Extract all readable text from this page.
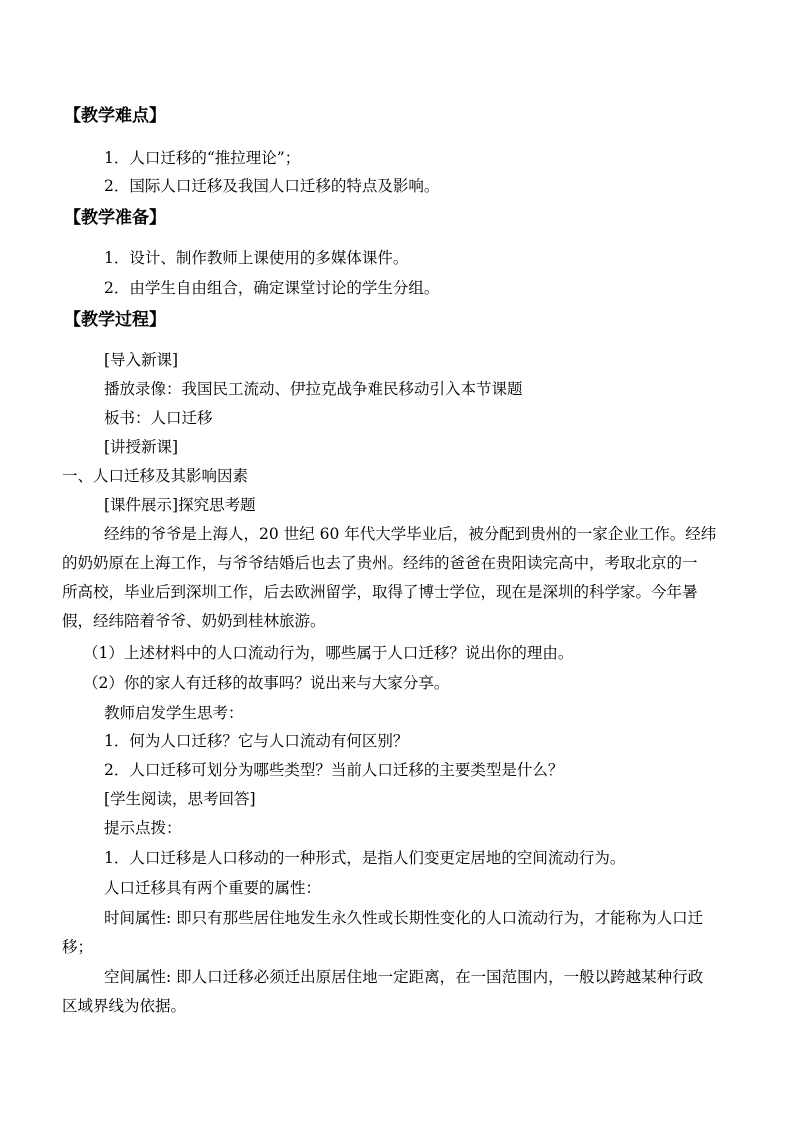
【教学难点】
1．人口迁移的“推拉理论”；
2．国际人口迁移及我国人口迁移的特点及影响。
【教学准备】
1．设计、制作教师上课使用的多媒体课件。
2．由学生自由组合，确定课堂讨论的学生分组。
【教学过程】
[导入新课]
播放录像：我国民工流动、伊拉克战争难民移动引入本节课题
板书：人口迁移
[讲授新课]
一、人口迁移及其影响因素
[课件展示]探究思考题
经纬的爷爷是上海人，20 世纪 60 年代大学毕业后，被分配到贵州的一家企业工作。经纬
的奶奶原在上海工作，与爷爷结婚后也去了贵州。经纬的爸爸在贵阳读完高中，考取北京的一
所高校，毕业后到深圳工作，后去欧洲留学，取得了博士学位，现在是深圳的科学家。今年暑
假，经纬陪着爷爷、奶奶到桂林旅游。
（1）上述材料中的人口流动行为，哪些属于人口迁移？说出你的理由。
（2）你的家人有迁移的故事吗？说出来与大家分享。
教师启发学生思考：
1．何为人口迁移？它与人口流动有何区别？
2．人口迁移可划分为哪些类型？当前人口迁移的主要类型是什么？
[学生阅读，思考回答]
提示点拨：
1．人口迁移是人口移动的一种形式，是指人们变更定居地的空间流动行为。
人口迁移具有两个重要的属性：
时间属性: 即只有那些居住地发生永久性或长期性变化的人口流动行为，才能称为人口迁
移；
空间属性: 即人口迁移必须迁出原居住地一定距离，在一国范围内，一般以跨越某种行政
区域界线为依据。
